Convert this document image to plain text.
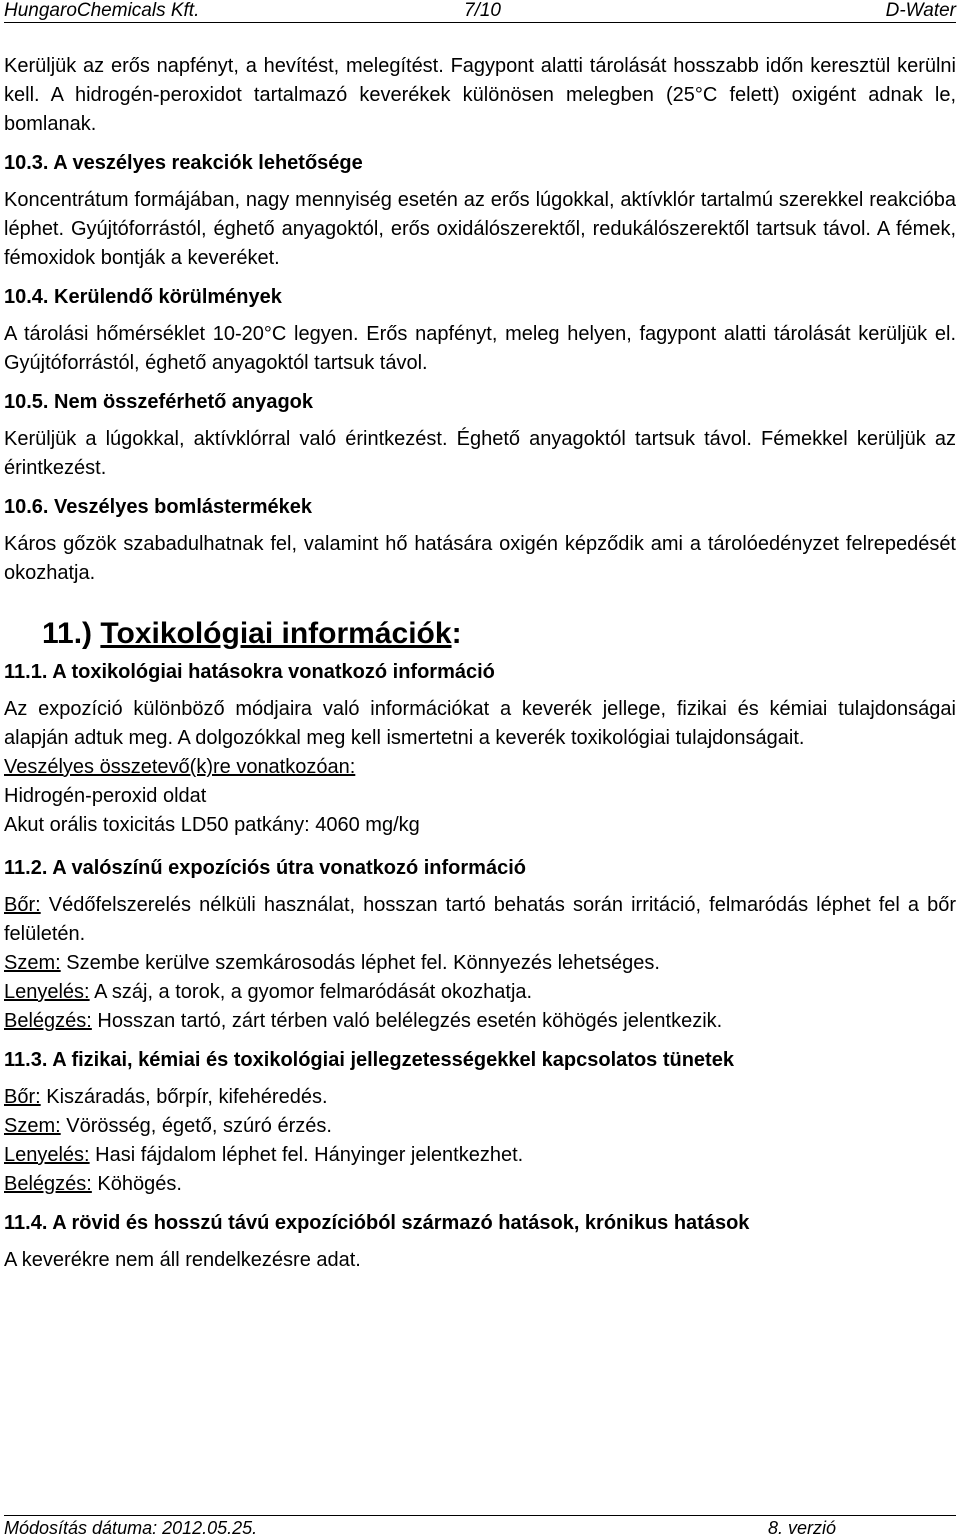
HungaroChemicals Kft.	7/10	D-Water

Kerüljük az erős napfényt, a hevítést, melegítést. Fagypont alatti tárolását hosszabb időn keresztül kerülni kell. A hidrogén-peroxidot tartalmazó keverékek különösen melegben (25°C felett) oxigént adnak le, bomlanak.

10.3. A veszélyes reakciók lehetősége

Koncentrátum formájában, nagy mennyiség esetén az erős lúgokkal, aktívklór tartalmú szerekkel reakcióba léphet. Gyújtóforrástól, éghető anyagoktól, erős oxidálószerektől, redukálószerektől tartsuk távol. A fémek, fémoxidok bontják a keveréket.

10.4. Kerülendő körülmények

A tárolási hőmérséklet 10-20°C legyen. Erős napfényt, meleg helyen, fagypont alatti tárolását kerüljük el. Gyújtóforrástól, éghető anyagoktól tartsuk távol.

10.5. Nem összeférhető anyagok

Kerüljük a lúgokkal, aktívklórral való érintkezést. Éghető anyagoktól tartsuk távol. Fémekkel kerüljük az érintkezést.

10.6. Veszélyes bomlástermékek

Káros gőzök szabadulhatnak fel, valamint hő hatására oxigén képződik ami a tárolóedényzet felrepedését okozhatja.

11.) Toxikológiai információk:
11.1. A toxikológiai hatásokra vonatkozó információ

Az expozíció különböző módjaira való információkat a keverék jellege, fizikai és kémiai tulajdonságai alapján adtuk meg. A dolgozókkal meg kell ismertetni a keverék toxikológiai tulajdonságait.

Veszélyes összetevő(k)re vonatkozóan:

Hidrogén-peroxid oldat

Akut orális toxicitás LD50 patkány: 4060 mg/kg

11.2. A valószínű expozíciós útra vonatkozó információ

Bőr: Védőfelszerelés nélküli használat, hosszan tartó behatás során irritáció, felmaródás léphet fel a bőr felületén.

Szem: Szembe kerülve szemkárosodás léphet fel. Könnyezés lehetséges.

Lenyelés: A száj, a torok, a gyomor felmaródását okozhatja.

Belégzés: Hosszan tartó, zárt térben való belélegzés esetén köhögés jelentkezik.

11.3. A fizikai, kémiai és toxikológiai jellegzetességekkel kapcsolatos tünetek

Bőr: Kiszáradás, bőrpír, kifehéredés.

Szem: Vörösség, égető, szúró érzés.

Lenyelés: Hasi fájdalom léphet fel. Hányinger jelentkezhet.

Belégzés: Köhögés.

11.4. A rövid és hosszú távú expozícióból származó hatások, krónikus hatások

A keverékre nem áll rendelkezésre adat.

Módosítás dátuma: 2012.05.25.	8. verzió
